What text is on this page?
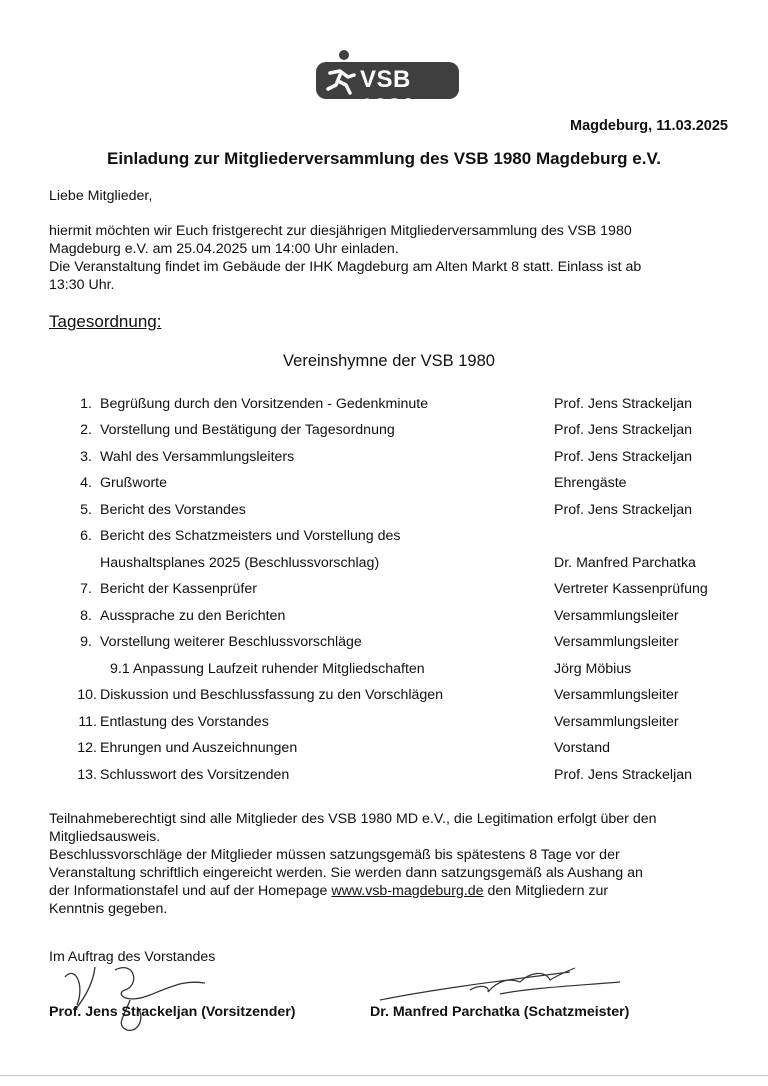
VSB 1980
Magdeburg, 11.03.2025
Einladung zur Mitgliederversammlung des VSB 1980 Magdeburg e.V.
Liebe Mitglieder,
hiermit möchten wir Euch fristgerecht zur diesjährigen Mitgliederversammlung des VSB 1980
Magdeburg e.V. am 25.04.2025 um 14:00 Uhr einladen.
Die Veranstaltung findet im Gebäude der IHK Magdeburg am Alten Markt 8 statt. Einlass ist ab
13:30 Uhr.
Tagesordnung:
Vereinshymne der VSB 1980
1. Begrüßung durch den Vorsitzenden - Gedenkminute	Prof. Jens Strackeljan
2. Vorstellung und Bestätigung der Tagesordnung	Prof. Jens Strackeljan
3. Wahl des Versammlungsleiters	Prof. Jens Strackeljan
4. Grußworte	Ehrengäste
5. Bericht des Vorstandes	Prof. Jens Strackeljan
6. Bericht des Schatzmeisters und Vorstellung des
Haushaltsplanes 2025 (Beschlussvorschlag)	Dr. Manfred Parchatka
7. Bericht der Kassenprüfer	Vertreter Kassenprüfung
8. Aussprache zu den Berichten	Versammlungsleiter
9. Vorstellung weiterer Beschlussvorschläge	Versammlungsleiter
9.1 Anpassung Laufzeit ruhender Mitgliedschaften	Jörg Möbius
10. Diskussion und Beschlussfassung zu den Vorschlägen	Versammlungsleiter
11. Entlastung des Vorstandes	Versammlungsleiter
12. Ehrungen und Auszeichnungen	Vorstand
13. Schlusswort des Vorsitzenden	Prof. Jens Strackeljan
Teilnahmeberechtigt sind alle Mitglieder des VSB 1980 MD e.V., die Legitimation erfolgt über den
Mitgliedsausweis.
Beschlussvorschläge der Mitglieder müssen satzungsgemäß bis spätestens 8 Tage vor der
Veranstaltung schriftlich eingereicht werden. Sie werden dann satzungsgemäß als Aushang an
der Informationstafel und auf der Homepage www.vsb-magdeburg.de den Mitgliedern zur
Kenntnis gegeben.
Im Auftrag des Vorstandes
Prof. Jens Strackeljan (Vorsitzender)	Dr. Manfred Parchatka (Schatzmeister)
